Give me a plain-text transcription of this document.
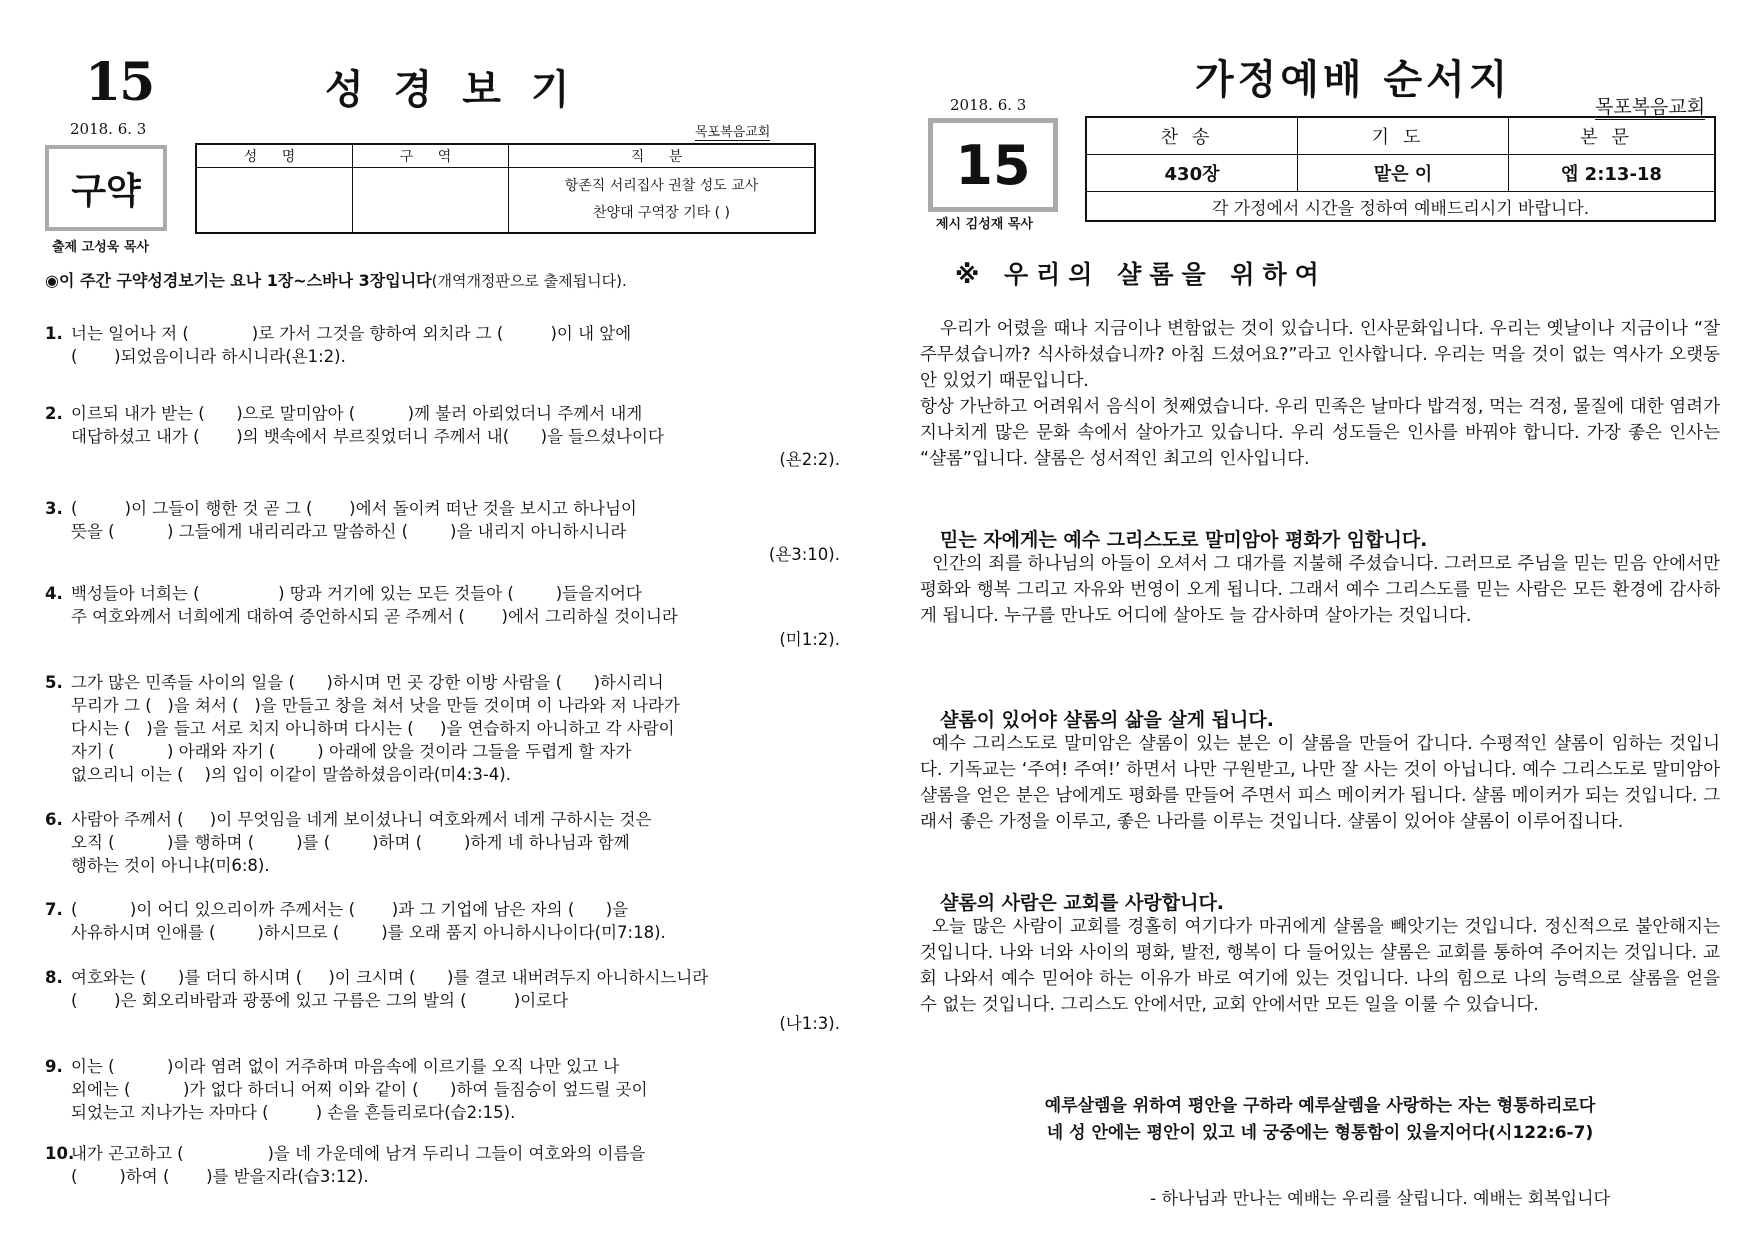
15	성경보기
2018. 6. 3	목포복음교회
구약
출제 고성욱 목사
성 명	구 역	직 분

		항존직 서리집사 권찰 성도 교사
찬양대 구역장 기타 ( )
◉이 주간 구약성경보기는 요나 1장~스바나 3장입니다(개역개정판으로 출제됩니다).
1. 너는 일어나 저 (            )로 가서 그것을 향하여 외치라 그 (         )이 내 앞에
(       )되었음이니라 하시니라(욘1:2).
2. 이르되 내가 받는 (      )으로 말미암아 (          )께 불러 아뢰었더니 주께서 내게
대답하셨고 내가 (       )의 뱃속에서 부르짖었더니 주께서 내(      )을 들으셨나이다
(욘2:2).
3. (         )이 그들이 행한 것 곧 그 (       )에서 돌이켜 떠난 것을 보시고 하나님이
뜻을 (          ) 그들에게 내리리라고 말씀하신 (        )을 내리지 아니하시니라
(욘3:10).
4. 백성들아 너희는 (               ) 땅과 거기에 있는 모든 것들아 (        )들을지어다
주 여호와께서 너희에게 대하여 증언하시되 곧 주께서 (       )에서 그리하실 것이니라
(미1:2).
5. 그가 많은 민족들 사이의 일을 (      )하시며 먼 곳 강한 이방 사람을 (      )하시리니
무리가 그 (   )을 쳐서 (   )을 만들고 창을 쳐서 낫을 만들 것이며 이 나라와 저 나라가
다시는 (   )을 들고 서로 치지 아니하며 다시는 (     )을 연습하지 아니하고 각 사람이
자기 (          ) 아래와 자기 (        ) 아래에 앉을 것이라 그들을 두렵게 할 자가
없으리니 이는 (    )의 입이 이같이 말씀하셨음이라(미4:3-4).
6. 사람아 주께서 (     )이 무엇임을 네게 보이셨나니 여호와께서 네게 구하시는 것은
오직 (          )를 행하며 (        )를 (        )하며 (        )하게 네 하나님과 함께
행하는 것이 아니냐(미6:8).
7. (          )이 어디 있으리이까 주께서는 (       )과 그 기업에 남은 자의 (      )을
사유하시며 인애를 (        )하시므로 (        )를 오래 품지 아니하시나이다(미7:18).
8. 여호와는 (      )를 더디 하시며 (     )이 크시며 (      )를 결코 내버려두지 아니하시느니라
(       )은 회오리바람과 광풍에 있고 구름은 그의 발의 (         )이로다
(나1:3).
9. 이는 (          )이라 염려 없이 거주하며 마음속에 이르기를 오직 나만 있고 나
외에는 (          )가 없다 하더니 어찌 이와 같이 (      )하여 들짐승이 엎드릴 곳이
되었는고 지나가는 자마다 (         ) 손을 흔들리로다(습2:15).
10.
내가 곤고하고 (                )을 네 가운데에 남겨 두리니 그들이 여호와의 이름을
(        )하여 (       )를 받을지라(습3:12).
가정예배 순서지
2018. 6. 3	목포복음교회
15
제시 김성재 목사
찬송	기도	본문
430장	맡은 이	엡 2:13-18
각 가정에서 시간을 정하여 예배드리시기 바랍니다.		
※ 우리의 샬롬을 위하여
우리가 어렸을 때나 지금이나 변함없는 것이 있습니다. 인사문화입니다. 우리는 옛날이나 지금이나 “잘 주무셨습니까? 식사하셨습니까? 아침 드셨어요?”라고 인사합니다. 우리는 먹을 것이 없는 역사가 오랫동안 있었기 때문입니다.
항상 가난하고 어려워서 음식이 첫째였습니다. 우리 민족은 날마다 밥걱정, 먹는 걱정, 물질에 대한 염려가 지나치게 많은 문화 속에서 살아가고 있습니다. 우리 성도들은 인사를 바꿔야 합니다. 가장 좋은 인사는 “샬롬”입니다. 샬롬은 성서적인 최고의 인사입니다.
믿는 자에게는 예수 그리스도로 말미암아 평화가 임합니다.
인간의 죄를 하나님의 아들이 오셔서 그 대가를 지불해 주셨습니다. 그러므로 주님을 믿는 믿음 안에서만 평화와 행복 그리고 자유와 번영이 오게 됩니다. 그래서 예수 그리스도를 믿는 사람은 모든 환경에 감사하게 됩니다. 누구를 만나도 어디에 살아도 늘 감사하며 살아가는 것입니다.
샬롬이 있어야 샬롬의 삶을 살게 됩니다.
예수 그리스도로 말미암은 샬롬이 있는 분은 이 샬롬을 만들어 갑니다. 수평적인 샬롬이 임하는 것입니다. 기독교는 ‘주여! 주여!’ 하면서 나만 구원받고, 나만 잘 사는 것이 아닙니다. 예수 그리스도로 말미암아 샬롬을 얻은 분은 남에게도 평화를 만들어 주면서 피스 메이커가 됩니다. 샬롬 메이커가 되는 것입니다. 그래서 좋은 가정을 이루고, 좋은 나라를 이루는 것입니다. 샬롬이 있어야 샬롬이 이루어집니다.
샬롬의 사람은 교회를 사랑합니다.
오늘 많은 사람이 교회를 경홀히 여기다가 마귀에게 샬롬을 빼앗기는 것입니다. 정신적으로 불안해지는 것입니다. 나와 너와 사이의 평화, 발전, 행복이 다 들어있는 샬롬은 교회를 통하여 주어지는 것입니다. 교회 나와서 예수 믿어야 하는 이유가 바로 여기에 있는 것입니다. 나의 힘으로 나의 능력으로 샬롬을 얻을 수 없는 것입니다. 그리스도 안에서만, 교회 안에서만 모든 일을 이룰 수 있습니다.
예루살렘을 위하여 평안을 구하라 예루살렘을 사랑하는 자는 형통하리로다
네 성 안에는 평안이 있고 네 궁중에는 형통함이 있을지어다(시122:6-7)
- 하나님과 만나는 예배는 우리를 살립니다. 예배는 회복입니다
